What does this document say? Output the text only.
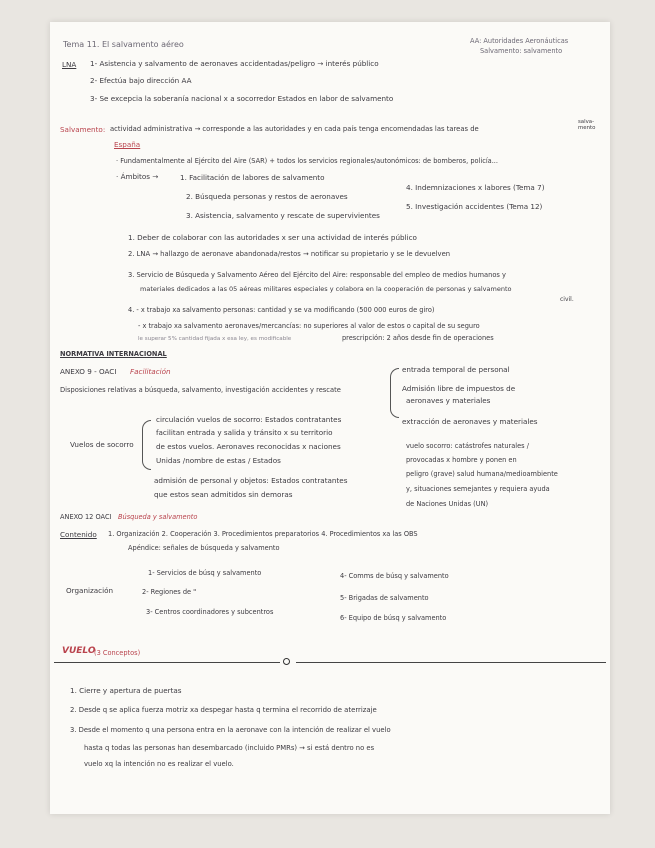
Tema 11. El salvamento aéreo	AA: Autoridades Aeronáuticas
Salvamento: salvamento
LNA 1- Asistencia y salvamento de aeronaves accidentadas/peligro → interés público
2- Efectúa bajo dirección AA
3- Se excepcia la soberanía nacional x a socorredor Estados en labor de salvamento
Salvamento: actividad administrativa → corresponde a las autoridades y en cada país tenga encomendadas las tareas de
salva-mento
España
· Fundamentalmente al Ejército del Aire (SAR) + todos los servicios regionales/autonómicos: de bomberos, policía...
· Ámbitos →	1. Facilitación de labores de salvamento
2. Búsqueda personas y restos de aeronaves
3. Asistencia, salvamento y rescate de supervivientes
4. Indemnizaciones x labores (Tema 7)
5. Investigación accidentes (Tema 12)
1. Deber de colaborar con las autoridades x ser una actividad de interés público
2. LNA → hallazgo de aeronave abandonada/restos → notificar su propietario y se le devuelven
3. Servicio de Búsqueda y Salvamento Aéreo del Ejército del Aire: responsable del empleo de medios humanos y
materiales dedicados a las 05 aéreas militares especiales y colabora en la cooperación de personas y salvamento
civil.
4. - x trabajo xa salvamento personas: cantidad y se va modificando (500 000 euros de giro)
- x trabajo xa salvamento aeronaves/mercancías: no superiores al valor de estos o capital de su seguro
le superar 5% cantidad fijada x esa ley, es modificable	prescripción: 2 años desde fin de operaciones
NORMATIVA INTERNACIONAL
ANEXO 9 - OACI Facilitación
Disposiciones relativas a búsqueda, salvamento, investigación accidentes y rescate
entrada temporal de personal
Admisión libre de impuestos de
aeronaves y materiales
extracción de aeronaves y materiales
Vuelos de socorro
circulación vuelos de socorro: Estados contratantes
facilitan entrada y salida y tránsito x su territorio
de estos vuelos. Aeronaves reconocidas x naciones
Unidas /nombre de estas / Estados
admisión de personal y objetos: Estados contratantes
que estos sean admitidos sin demoras
vuelo socorro: catástrofes naturales /
provocadas x hombre y ponen en
peligro (grave) salud humana/medioambiente
y, situaciones semejantes y requiera ayuda
de Naciones Unidas (UN)
ANEXO 12 OACI Búsqueda y salvamento
Contenido 1. Organización 2. Cooperación 3. Procedimientos preparatorios 4. Procedimientos xa las OBS
Apéndice: señales de búsqueda y salvamento
Organización
1- Servicios de búsq y salvamento
2- Regiones de "
3- Centros coordinadores y subcentros
4- Comms de búsq y salvamento
5- Brigadas de salvamento
6- Equipo de búsq y salvamento
VUELO
(3 Conceptos)
1. Cierre y apertura de puertas
2. Desde q se aplica fuerza motriz xa despegar hasta q termina el recorrido de aterrizaje
3. Desde el momento q una persona entra en la aeronave con la intención de realizar el vuelo
hasta q todas las personas han desembarcado (incluido PMRs) → si está dentro no es
vuelo xq la intención no es realizar el vuelo.
